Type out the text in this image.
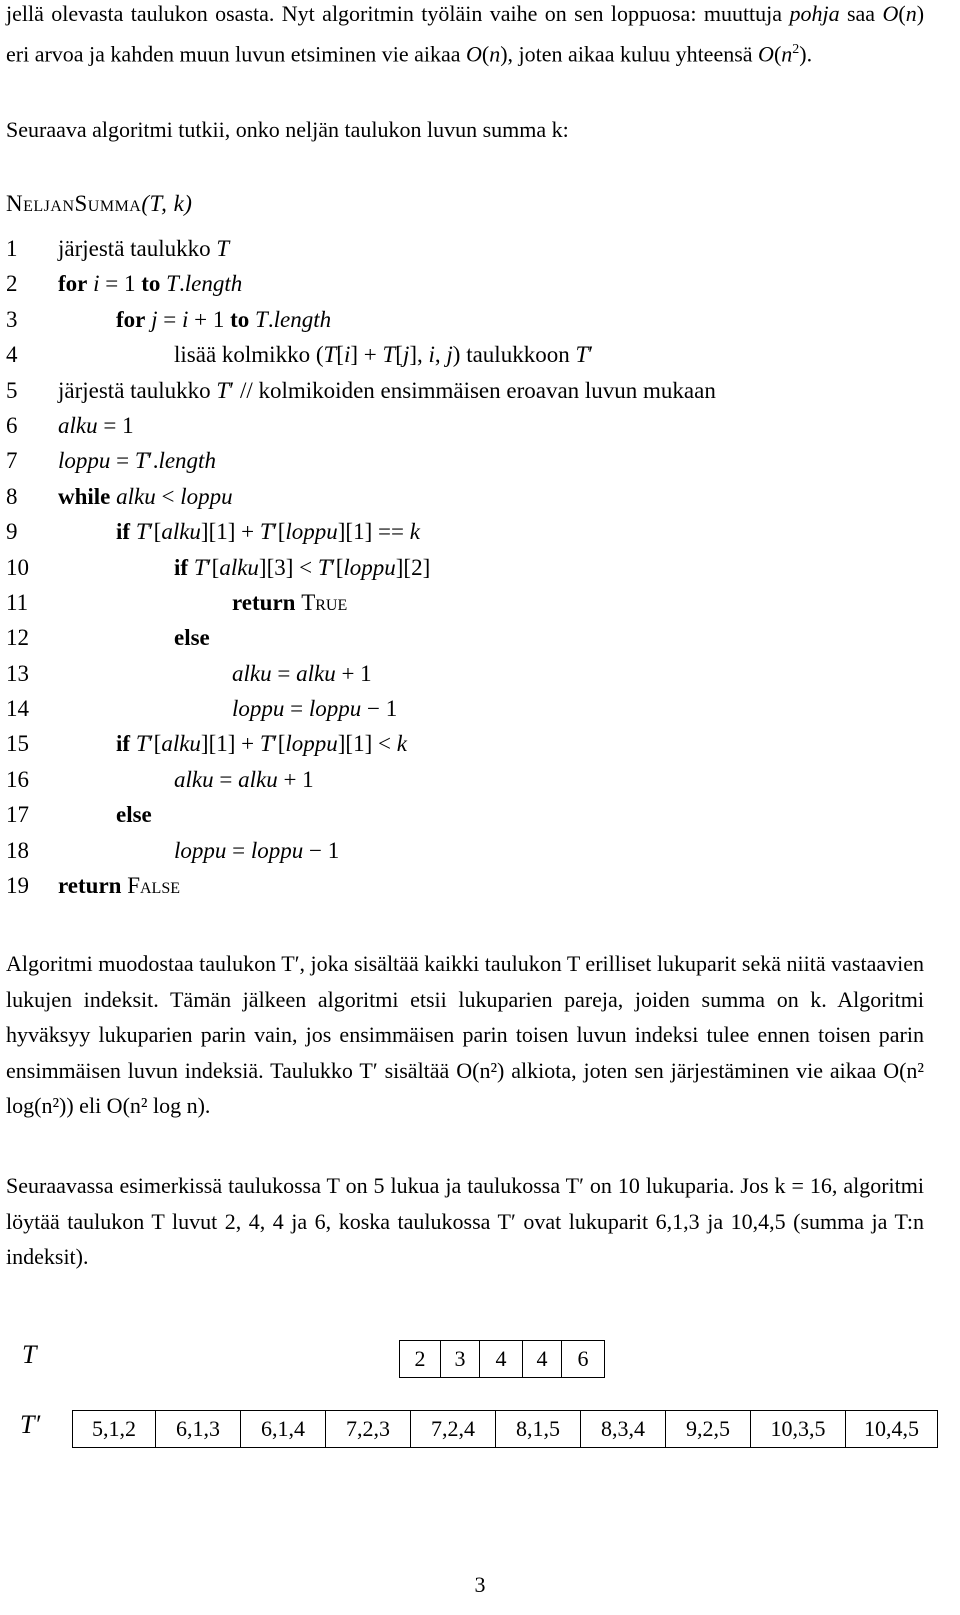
jellä olevasta taulukon osasta. Nyt algoritmin työläin vaihe on sen loppuosa: muuttuja pohja saa O(n) eri arvoa ja kahden muun luvun etsiminen vie aikaa O(n), joten aikaa kuluu yhteensä $O(n^2)$.

Seuraava algoritmi tutkii, onko neljän taulukon luvun summa k:

NeljanSumma(T, k)
1 järjestä taulukko T
2 for i = 1 to T.length
3	for j = i + 1 to T.length
4	lisää kolmikko (T[i] + T[j], i, j) taulukkoon T′
5 järjestä taulukko T′ // kolmikoiden ensimmäisen eroavan luvun mukaan
6 alku = 1
7 loppu = T′.length
8 while alku < loppu
9	if T′[alku][1] + T′[loppu][1] == k
10	if T′[alku][3] < T′[loppu][2]
11	return True
12	else
13	alku = alku + 1
14	loppu = loppu − 1
15	if T′[alku][1] + T′[loppu][1] < k
16	alku = alku + 1
17	else
18	loppu = loppu − 1
19 return False

Algoritmi muodostaa taulukon T′, joka sisältää kaikki taulukon T erilliset lukuparit sekä niitä vastaavien lukujen indeksit. Tämän jälkeen algoritmi etsii lukuparien pareja, joiden summa on k. Algoritmi hyväksyy lukuparien parin vain, jos ensimmäisen parin toisen luvun indeksi tulee ennen toisen parin ensimmäisen luvun indeksiä. Taulukko T′ sisältää O(n²) alkiota, joten sen järjestäminen vie aikaa O(n² log(n²)) eli O(n² log n).

Seuraavassa esimerkissä taulukossa T on 5 lukua ja taulukossa T′ on 10 lukuparia. Jos k = 16, algoritmi löytää taulukon T luvut 2, 4, 4 ja 6, koska taulukossa T′ ovat lukuparit 6,1,3 ja 10,4,5 (summa ja T:n indeksit).

T	2	3	4	4	6
T′ 5,1,2	6,1,3	6,1,4	7,2,3	7,2,4	8,1,5	8,3,4	9,2,5	10,3,5	10,4,5
3
